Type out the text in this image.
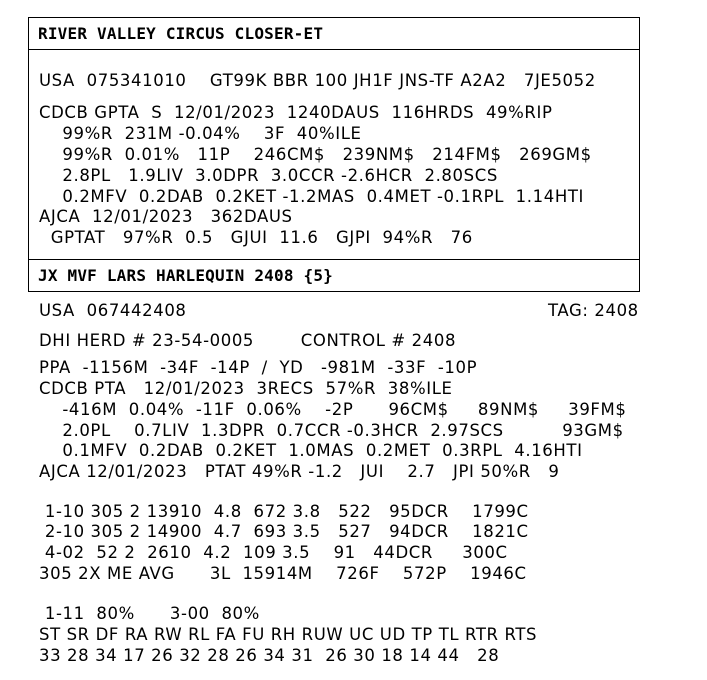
RIVER VALLEY CIRCUS CLOSER-ET
USA  075341010    GT99K BBR 100 JH1F JNS-TF A2A2   7JE5052
CDCB GPTA  S  12/01/2023  1240DAUS  116HRDS  49%RIP
99%R  231M -0.04%    3F  40%ILE
99%R  0.01%   11P    246CM$   239NM$   214FM$   269GM$
2.8PL   1.9LIV  3.0DPR  3.0CCR -2.6HCR  2.80SCS
0.2MFV  0.2DAB  0.2KET -1.2MAS  0.4MET -0.1RPL  1.14HTI
AJCA  12/01/2023   362DAUS
GPTAT   97%R  0.5   GJUI  11.6   GJPI  94%R   76
JX MVF LARS HARLEQUIN 2408 {5}
USA  067442408	TAG: 2408
DHI HERD # 23-54-0005        CONTROL # 2408
PPA  -1156M  -34F  -14P  /  YD   -981M  -33F  -10P
CDCB PTA   12/01/2023  3RECS  57%R  38%ILE
-416M  0.04%  -11F  0.06%    -2P      96CM$     89NM$     39FM$
2.0PL    0.7LIV  1.3DPR  0.7CCR -0.3HCR  2.97SCS          93GM$
0.1MFV  0.2DAB  0.2KET  1.0MAS  0.2MET  0.3RPL  4.16HTI
AJCA 12/01/2023   PTAT 49%R -1.2   JUI    2.7   JPI 50%R   9
1-10 305 2 13910  4.8  672 3.8   522   95DCR    1799C
2-10 305 2 14900  4.7  693 3.5   527   94DCR    1821C
4-02  52 2  2610  4.2  109 3.5    91   44DCR     300C
305 2X ME AVG      3L  15914M    726F    572P    1946C
1-11  80%      3-00  80%
ST SR DF RA RW RL FA FU RH RUW UC UD TP TL RTR RTS
33 28 34 17 26 32 28 26 34 31  26 30 18 14 44   28
